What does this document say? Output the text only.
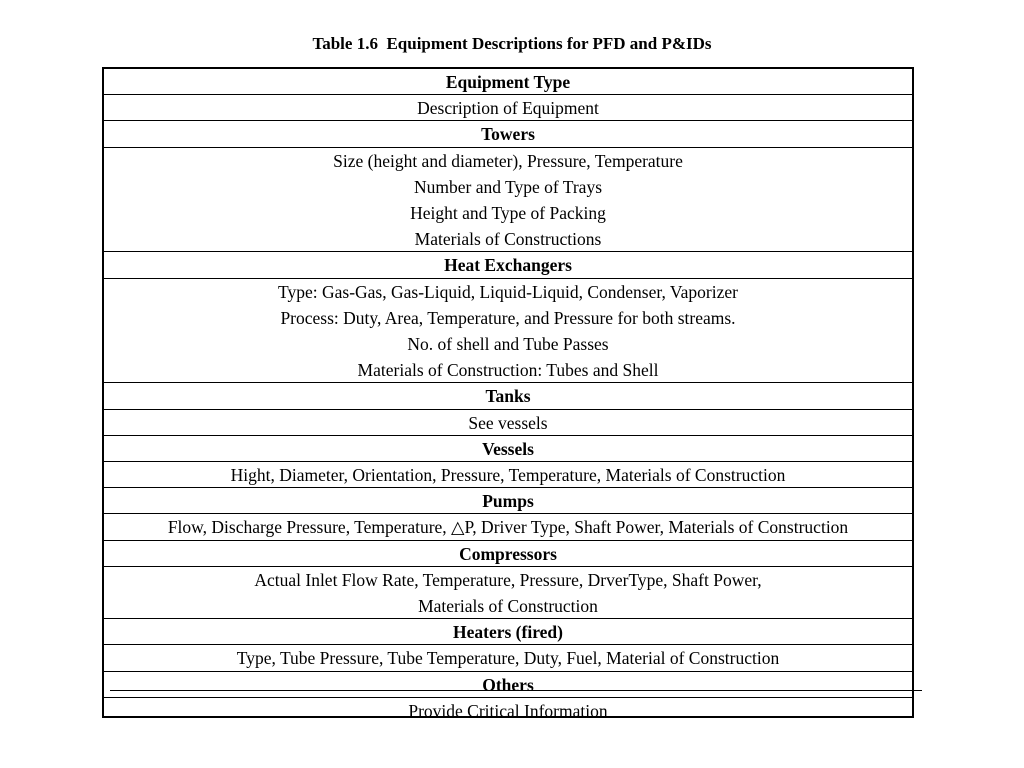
Table 1.6  Equipment Descriptions for PFD and P&IDs
Equipment Type
Description of Equipment
Towers
Size (height and diameter), Pressure, Temperature
Number and Type of Trays
Height and Type of Packing
Materials of Constructions
Heat Exchangers
Type: Gas-Gas, Gas-Liquid, Liquid-Liquid, Condenser, Vaporizer
Process: Duty, Area, Temperature, and Pressure for both streams.
No. of shell and Tube Passes
Materials of Construction: Tubes and Shell
Tanks
See vessels
Vessels
Hight, Diameter, Orientation, Pressure, Temperature, Materials of Construction
Pumps
Flow, Discharge Pressure, Temperature, △P, Driver Type, Shaft Power, Materials of Construction
Compressors
Actual Inlet Flow Rate, Temperature, Pressure, DrverType, Shaft Power,
Materials of Construction
Heaters (fired)
Type, Tube Pressure, Tube Temperature, Duty, Fuel, Material of Construction
Others
Provide Critical Information
